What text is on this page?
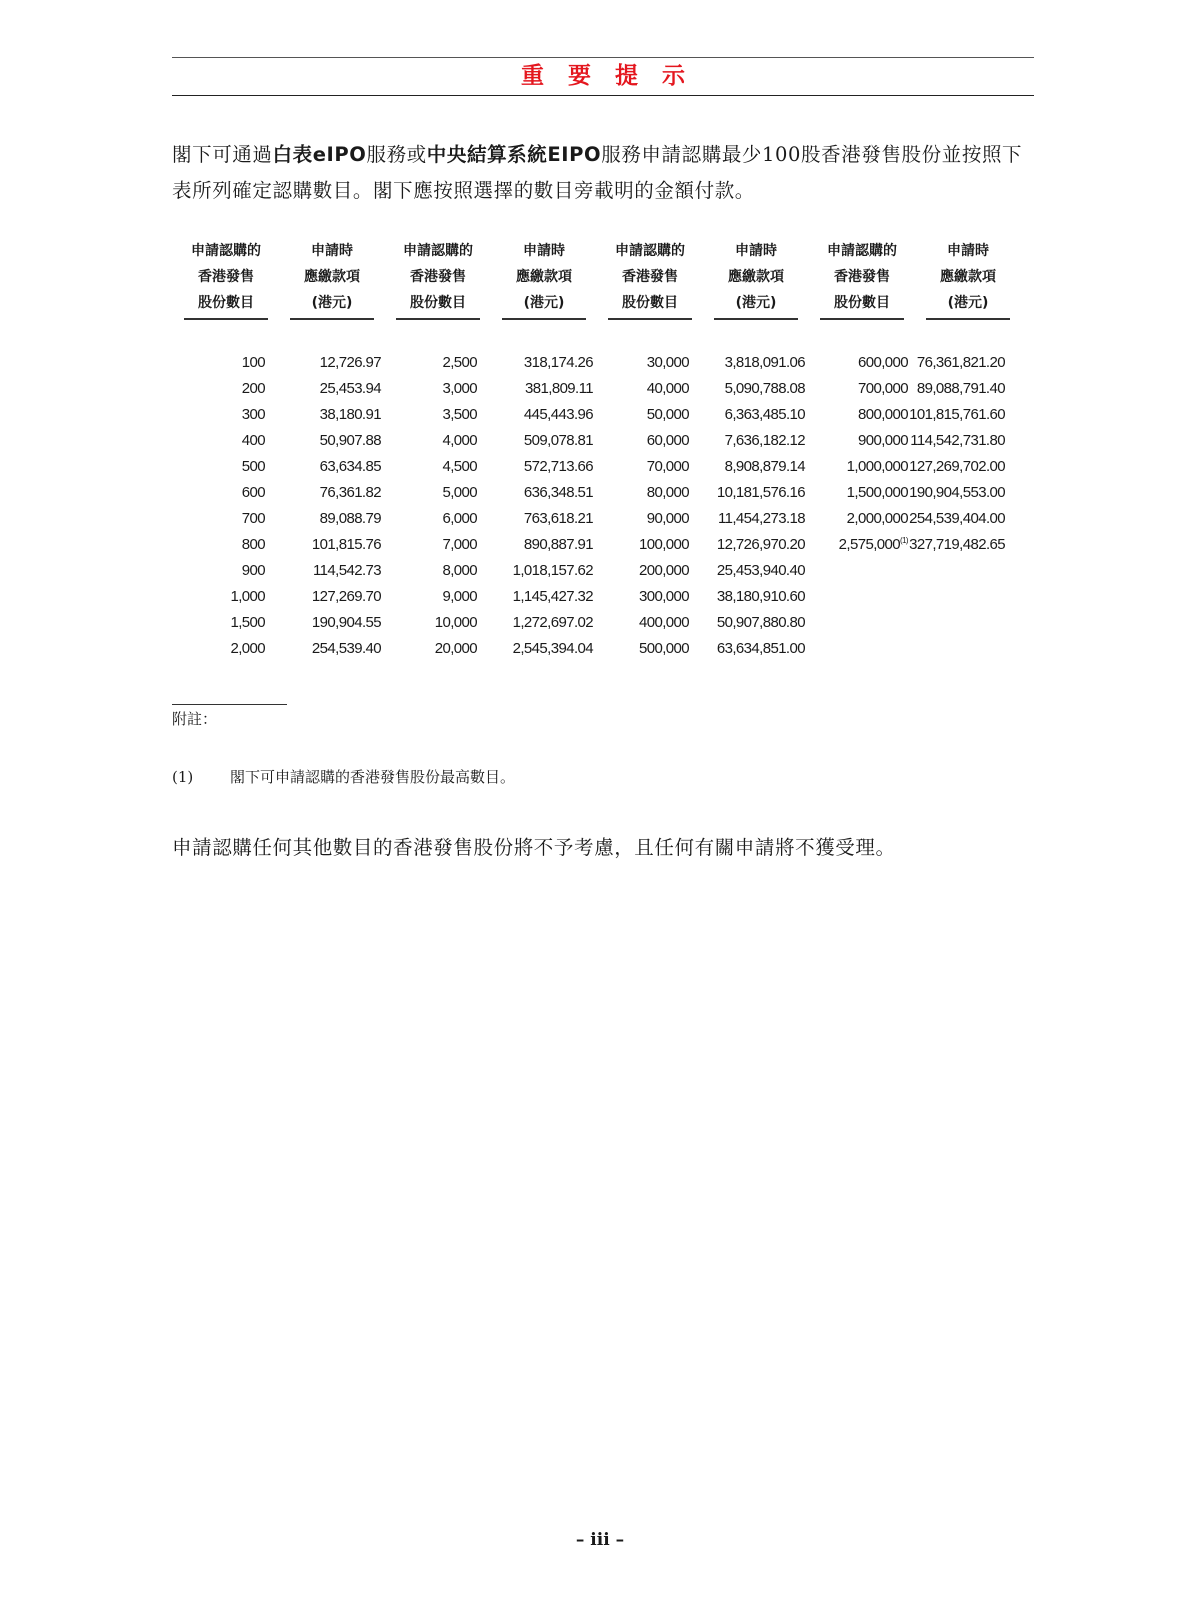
重 要 提 示

閣下可通過白表eIPO服務或中央結算系統EIPO服務申請認購最少100股香港發售股份並按照下表所列確定認購數目。閣下應按照選擇的數目旁載明的金額付款。

申請認購的
香港發售
股份數目
申請時
應繳款項
(港元)
申請認購的
香港發售
股份數目
申請時
應繳款項
(港元)
申請認購的
香港發售
股份數目
申請時
應繳款項
(港元)
申請認購的
香港發售
股份數目
申請時
應繳款項
(港元)
100
200
300
400
500
600
700
800
900
1,000
1,500
2,000
12,726.97
25,453.94
38,180.91
50,907.88
63,634.85
76,361.82
89,088.79
101,815.76
114,542.73
127,269.70
190,904.55
254,539.40
2,500
3,000
3,500
4,000
4,500
5,000
6,000
7,000
8,000
9,000
10,000
20,000
318,174.26
381,809.11
445,443.96
509,078.81
572,713.66
636,348.51
763,618.21
890,887.91
1,018,157.62
1,145,427.32
1,272,697.02
2,545,394.04
30,000
40,000
50,000
60,000
70,000
80,000
90,000
100,000
200,000
300,000
400,000
500,000
3,818,091.06
5,090,788.08
6,363,485.10
7,636,182.12
8,908,879.14
10,181,576.16
11,454,273.18
12,726,970.20
25,453,940.40
38,180,910.60
50,907,880.80
63,634,851.00
600,000
700,000
800,000
900,000
1,000,000
1,500,000
2,000,000
2,575,000$^{(1)}$
76,361,821.20
89,088,791.40
101,815,761.60
114,542,731.80
127,269,702.00
190,904,553.00
254,539,404.00
327,719,482.65
附註：
(1)	閣下可申請認購的香港發售股份最高數目。

申請認購任何其他數目的香港發售股份將不予考慮，且任何有關申請將不獲受理。

– iii –
